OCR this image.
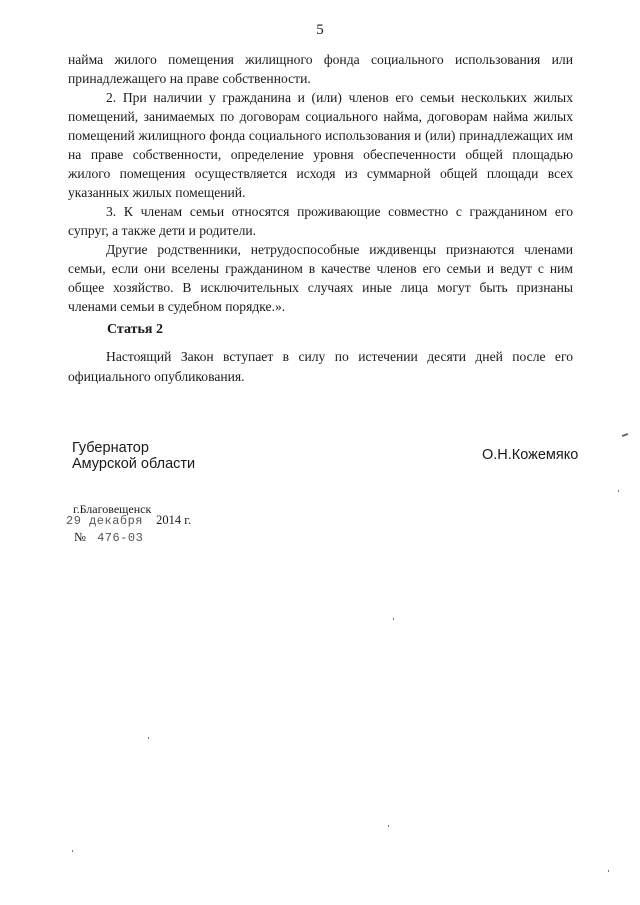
5

найма жилого помещения жилищного фонда социального использования или принадлежащего на праве собственности.

2. При наличии у гражданина и (или) членов его семьи нескольких жилых помещений, занимаемых по договорам социального найма, договорам найма жилых помещений жилищного фонда социального использования и (или) принадлежащих им на праве собственности, определение уровня обеспеченности общей площадью жилого помещения осуществляется исходя из суммарной общей площади всех указанных жилых помещений.

3. К членам семьи относятся проживающие совместно с гражданином его супруг, а также дети и родители.

Другие родственники, нетрудоспособные иждивенцы признаются членами семьи, если они вселены гражданином в качестве членов его семьи и ведут с ним общее хозяйство. В исключительных случаях иные лица могут быть признаны членами семьи в судебном порядке.».

Статья 2

Настоящий Закон вступает в силу по истечении десяти дней после его официального опубликования.

Губернатор
Амурской области
О.Н.Кожемяко
г.Благовещенск
29 декабря 2014 г.
№ 476-03
